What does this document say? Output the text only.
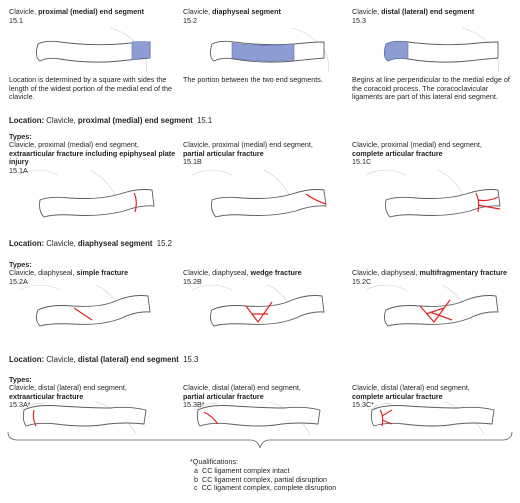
Clavicle, proximal (medial) end segment
15.1
Clavicle, diaphyseal segment
15.2
Clavicle, distal (lateral) end segment
15.3
Location is determined by a square with sides the length of the widest portion of the medial end of the clavicle.
The portion between the two end segments.	Begins at line perpendicular to the medial edge of the coracoid process. The coracoclavicular ligaments are part of this lateral end segment.
Location: Clavicle, proximal (medial) end segment 15.1
Types:
Clavicle, proximal (medial) end segment,
extraarticular fracture including epiphyseal plate injury
15.1A
Clavicle, proximal (medial) end segment,
partial articular fracture
15.1B
Clavicle, proximal (medial) end segment,
complete articular fracture
15.1C
Location: Clavicle, diaphyseal segment 15.2
Types:
Clavicle, diaphyseal, simple fracture
15.2A
Clavicle, diaphyseal, wedge fracture
15.2B
Clavicle, diaphyseal, multifragmentary fracture
15.2C
Location: Clavicle, distal (lateral) end segment 15.3
Types:
Clavicle, distal (lateral) end segment,
extraarticular fracture
15.3A*
Clavicle, distal (lateral) end segment,
partial articular fracture
15.3B*
Clavicle, distal (lateral) end segment,
complete articular fracture
15.3C*
*Qualifications:
a CC ligament complex intact
b CC ligament complex, partial disruption
c CC ligament complex, complete disruption
